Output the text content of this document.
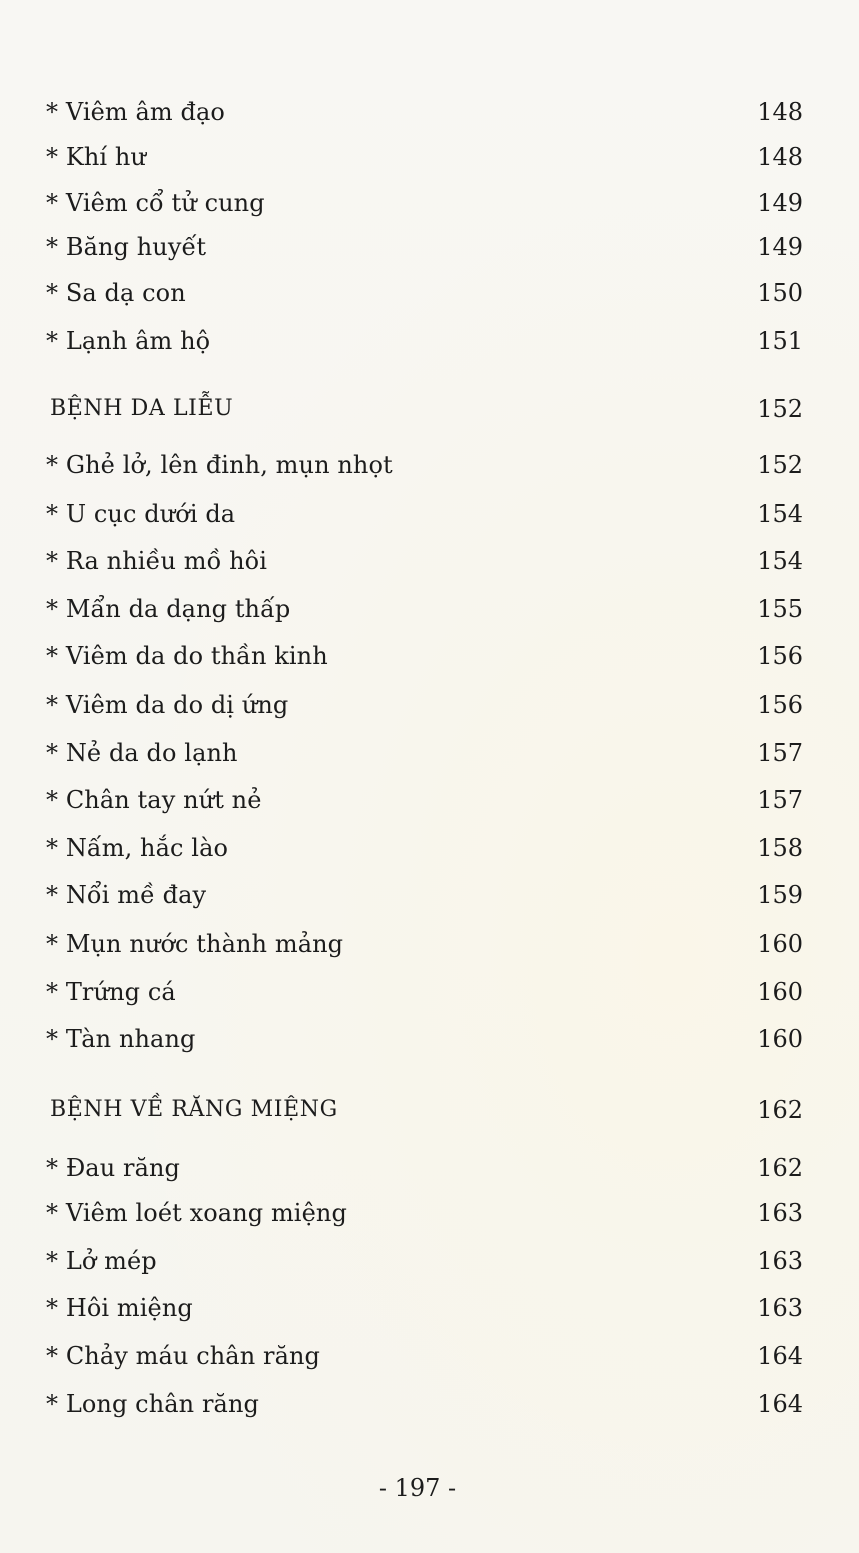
* Viêm âm đạo	148
* Khí hư	148
* Viêm cổ tử cung	149
* Băng huyết	149
* Sa dạ con	150
* Lạnh âm hộ	151
BỆNH DA LIỄU	152
* Ghẻ lở, lên đinh, mụn nhọt	152
* U cục dưới da	154
* Ra nhiều mồ hôi	154
* Mẩn da dạng thấp	155
* Viêm da do thần kinh	156
* Viêm da do dị ứng	156
* Nẻ da do lạnh	157
* Chân tay nứt nẻ	157
* Nấm, hắc lào	158
* Nổi mề đay	159
* Mụn nước thành mảng	160
* Trứng cá	160
* Tàn nhang	160
BỆNH VỀ RĂNG MIỆNG	162
* Đau răng	162
* Viêm loét xoang miệng	163
* Lở mép	163
* Hôi miệng	163
* Chảy máu chân răng	164
* Long chân răng	164
- 197 -
